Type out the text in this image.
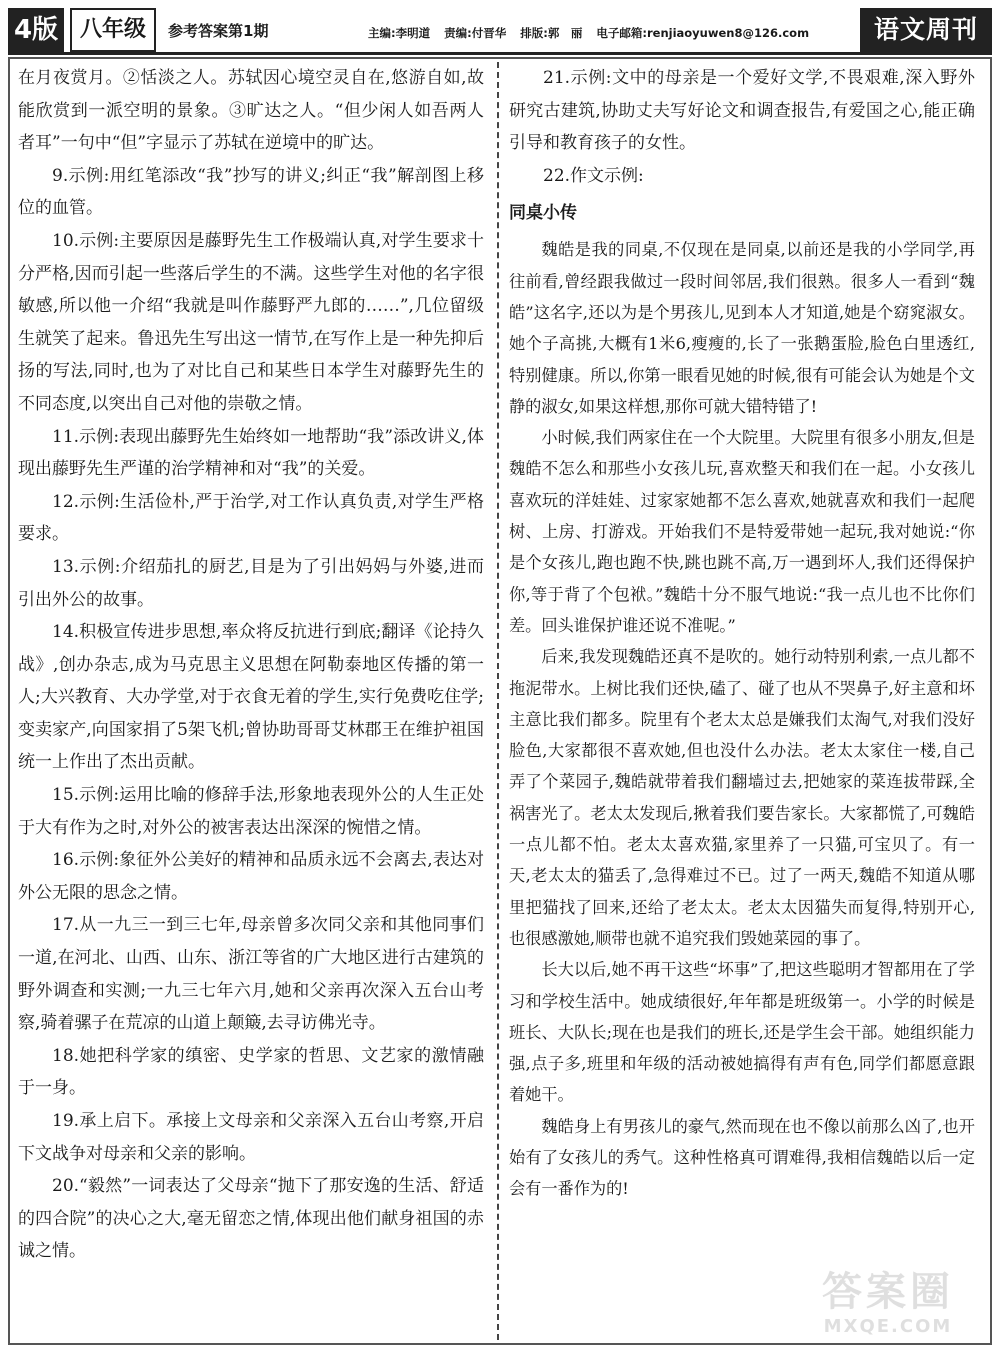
4版 八年级	参考答案第1期	主编:李明道 责编:付晋华 排版:郭　丽 电子邮箱:renjiaoyuwen8@126.com	语文周刊

在月夜赏月。②恬淡之人。苏轼因心境空灵自在,悠游自如,故能欣赏到一派空明的景象。③旷达之人。“但少闲人如吾两人者耳”一句中“但”字显示了苏轼在逆境中的旷达。

9.示例:用红笔添改“我”抄写的讲义;纠正“我”解剖图上移位的血管。

10.示例:主要原因是藤野先生工作极端认真,对学生要求十分严格,因而引起一些落后学生的不满。这些学生对他的名字很敏感,所以他一介绍“我就是叫作藤野严九郎的……”,几位留级生就笑了起来。鲁迅先生写出这一情节,在写作上是一种先抑后扬的写法,同时,也为了对比自己和某些日本学生对藤野先生的不同态度,以突出自己对他的崇敬之情。

11.示例:表现出藤野先生始终如一地帮助“我”添改讲义,体现出藤野先生严谨的治学精神和对“我”的关爱。

12.示例:生活俭朴,严于治学,对工作认真负责,对学生严格要求。

13.示例:介绍茄扎的厨艺,目是为了引出妈妈与外婆,进而引出外公的故事。

14.积极宣传进步思想,率众将反抗进行到底;翻译《论持久战》,创办杂志,成为马克思主义思想在阿勒泰地区传播的第一人;大兴教育、大办学堂,对于衣食无着的学生,实行免费吃住学;变卖家产,向国家捐了5架飞机;曾协助哥哥艾林郡王在维护祖国统一上作出了杰出贡献。

15.示例:运用比喻的修辞手法,形象地表现外公的人生正处于大有作为之时,对外公的被害表达出深深的惋惜之情。

16.示例:象征外公美好的精神和品质永远不会离去,表达对外公无限的思念之情。

17.从一九三一到三七年,母亲曾多次同父亲和其他同事们一道,在河北、山西、山东、浙江等省的广大地区进行古建筑的野外调查和实测;一九三七年六月,她和父亲再次深入五台山考察,骑着骡子在荒凉的山道上颠簸,去寻访佛光寺。

18.她把科学家的缜密、史学家的哲思、文艺家的激情融于一身。

19.承上启下。承接上文母亲和父亲深入五台山考察,开启下文战争对母亲和父亲的影响。

20.“毅然”一词表达了父母亲“抛下了那安逸的生活、舒适的四合院”的决心之大,毫无留恋之情,体现出他们献身祖国的赤诚之情。

21.示例:文中的母亲是一个爱好文学,不畏艰难,深入野外研究古建筑,协助丈夫写好论文和调查报告,有爱国之心,能正确引导和教育孩子的女性。

22.作文示例:

同桌小传

魏皓是我的同桌,不仅现在是同桌,以前还是我的小学同学,再往前看,曾经跟我做过一段时间邻居,我们很熟。很多人一看到“魏皓”这名字,还以为是个男孩儿,见到本人才知道,她是个窈窕淑女。她个子高挑,大概有1米6,瘦瘦的,长了一张鹅蛋脸,脸色白里透红,特别健康。所以,你第一眼看见她的时候,很有可能会认为她是个文静的淑女,如果这样想,那你可就大错特错了!

小时候,我们两家住在一个大院里。大院里有很多小朋友,但是魏皓不怎么和那些小女孩儿玩,喜欢整天和我们在一起。小女孩儿喜欢玩的洋娃娃、过家家她都不怎么喜欢,她就喜欢和我们一起爬树、上房、打游戏。开始我们不是特爱带她一起玩,我对她说:“你是个女孩儿,跑也跑不快,跳也跳不高,万一遇到坏人,我们还得保护你,等于背了个包袱。”魏皓十分不服气地说:“我一点儿也不比你们差。回头谁保护谁还说不准呢。”

后来,我发现魏皓还真不是吹的。她行动特别利索,一点儿都不拖泥带水。上树比我们还快,磕了、碰了也从不哭鼻子,好主意和坏主意比我们都多。院里有个老太太总是嫌我们太淘气,对我们没好脸色,大家都很不喜欢她,但也没什么办法。老太太家住一楼,自己弄了个菜园子,魏皓就带着我们翻墙过去,把她家的菜连拔带踩,全祸害光了。老太太发现后,揪着我们要告家长。大家都慌了,可魏皓一点儿都不怕。老太太喜欢猫,家里养了一只猫,可宝贝了。有一天,老太太的猫丢了,急得难过不已。过了一两天,魏皓不知道从哪里把猫找了回来,还给了老太太。老太太因猫失而复得,特别开心,也很感激她,顺带也就不追究我们毁她菜园的事了。

长大以后,她不再干这些“坏事”了,把这些聪明才智都用在了学习和学校生活中。她成绩很好,年年都是班级第一。小学的时候是班长、大队长;现在也是我们的班长,还是学生会干部。她组织能力强,点子多,班里和年级的活动被她搞得有声有色,同学们都愿意跟着她干。

魏皓身上有男孩儿的豪气,然而现在也不像以前那么凶了,也开始有了女孩儿的秀气。这种性格真可谓难得,我相信魏皓以后一定会有一番作为的!

答案圈
MXQE.COM
